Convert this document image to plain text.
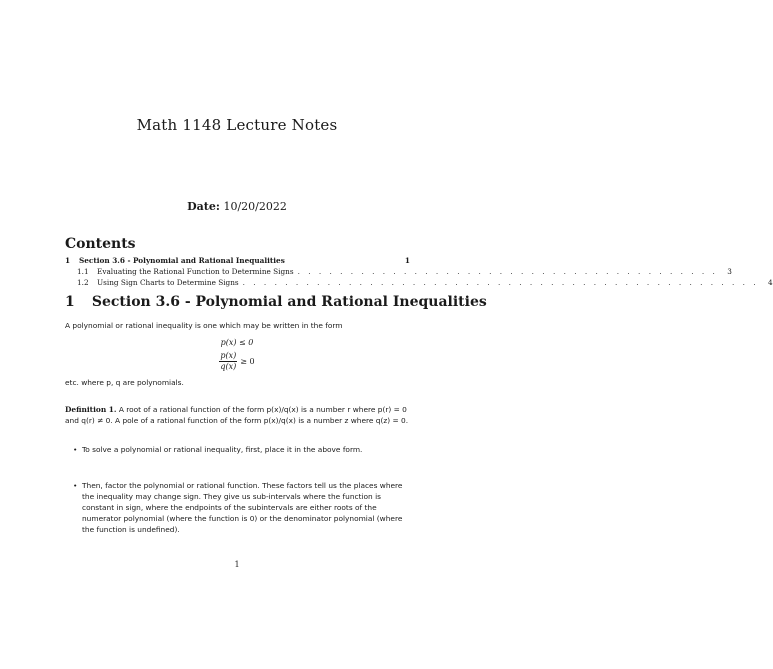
Math 1148 Lecture Notes
Date: 10/20/2022
Contents
1	Section 3.6 - Polynomial and Rational Inequalities	1
1.1	Evaluating the Rational Function to Determine Signs . . . . . . . . . . . . . . . . . . . . . . . . . . . . . . . . . . . . . . . .	3
1.2	Using Sign Charts to Determine Signs . . . . . . . . . . . . . . . . . . . . . . . . . . . . . . . . . . . . . . . . . . . . . . . . .	4
1 Section 3.6 - Polynomial and Rational Inequalities
A polynomial or rational inequality is one which may be written in the form
p(x) ≤ 0
$\frac{p(x)}{q(x)} \ge 0$
etc. where p, q are polynomials.
Definition 1. A root of a rational function of the form p(x)/q(x) is a number r where p(r) = 0 and q(r) ≠ 0. A pole of a rational function of the form p(x)/q(x) is a number z where q(z) = 0.
• To solve a polynomial or rational inequality, first, place it in the above form.
• Then, factor the polynomial or rational function. These factors tell us the places where the inequality may change sign. They give us sub-intervals where the function is constant in sign, where the endpoints of the subintervals are either roots of the numerator polynomial (where the function is 0) or the denominator polynomial (where the function is undefined).
1
